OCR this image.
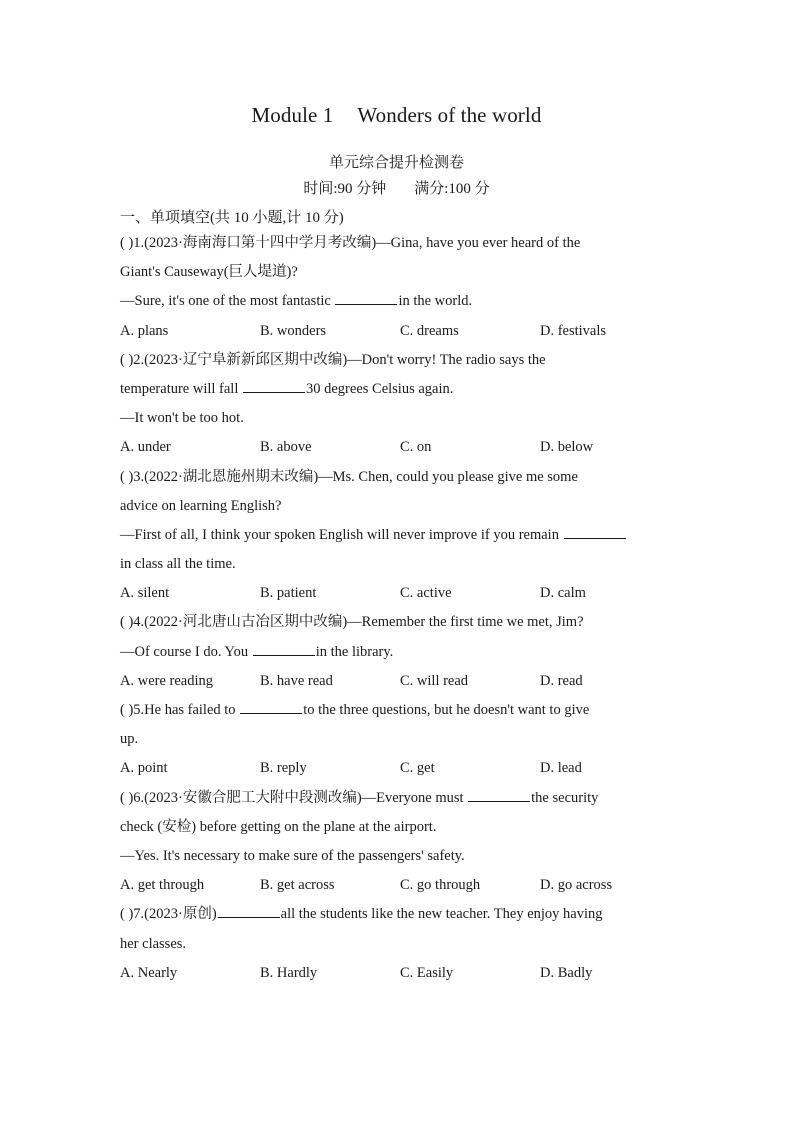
Module 1 Wonders of the world
单元综合提升检测卷
时间:90 分钟 满分:100 分
一、单项填空(共 10 小题,计 10 分)
( )1.(2023·海南海口第十四中学月考改编)—Gina, have you ever heard of the
Giant's Causeway(巨人堤道)?
—Sure, it's one of the most fantastic	in the world.
A. plans	B. wonders	C. dreams	D. festivals
( )2.(2023·辽宁阜新新邱区期中改编)—Don't worry! The radio says the
temperature will fall	30 degrees Celsius again.
—It won't be too hot.
A. under	B. above	C. on	D. below
( )3.(2022·湖北恩施州期末改编)—Ms. Chen, could you please give me some
advice on learning English?
—First of all, I think your spoken English will never improve if you remain
in class all the time.
A. silent	B. patient	C. active	D. calm
( )4.(2022·河北唐山古冶区期中改编)—Remember the first time we met, Jim?
—Of course I do. You	in the library.
A. were reading	B. have read	C. will read	D. read
( )5.He has failed to	to the three questions, but he doesn't want to give
up.
A. point	B. reply	C. get	D. lead
( )6.(2023·安徽合肥工大附中段测改编)—Everyone must	the security
check (安检) before getting on the plane at the airport.
—Yes. It's necessary to make sure of the passengers' safety.
A. get through	B. get across	C. go through	D. go across
( )7.(2023·原创)	all the students like the new teacher. They enjoy having
her classes.
A. Nearly	B. Hardly	C. Easily	D. Badly
